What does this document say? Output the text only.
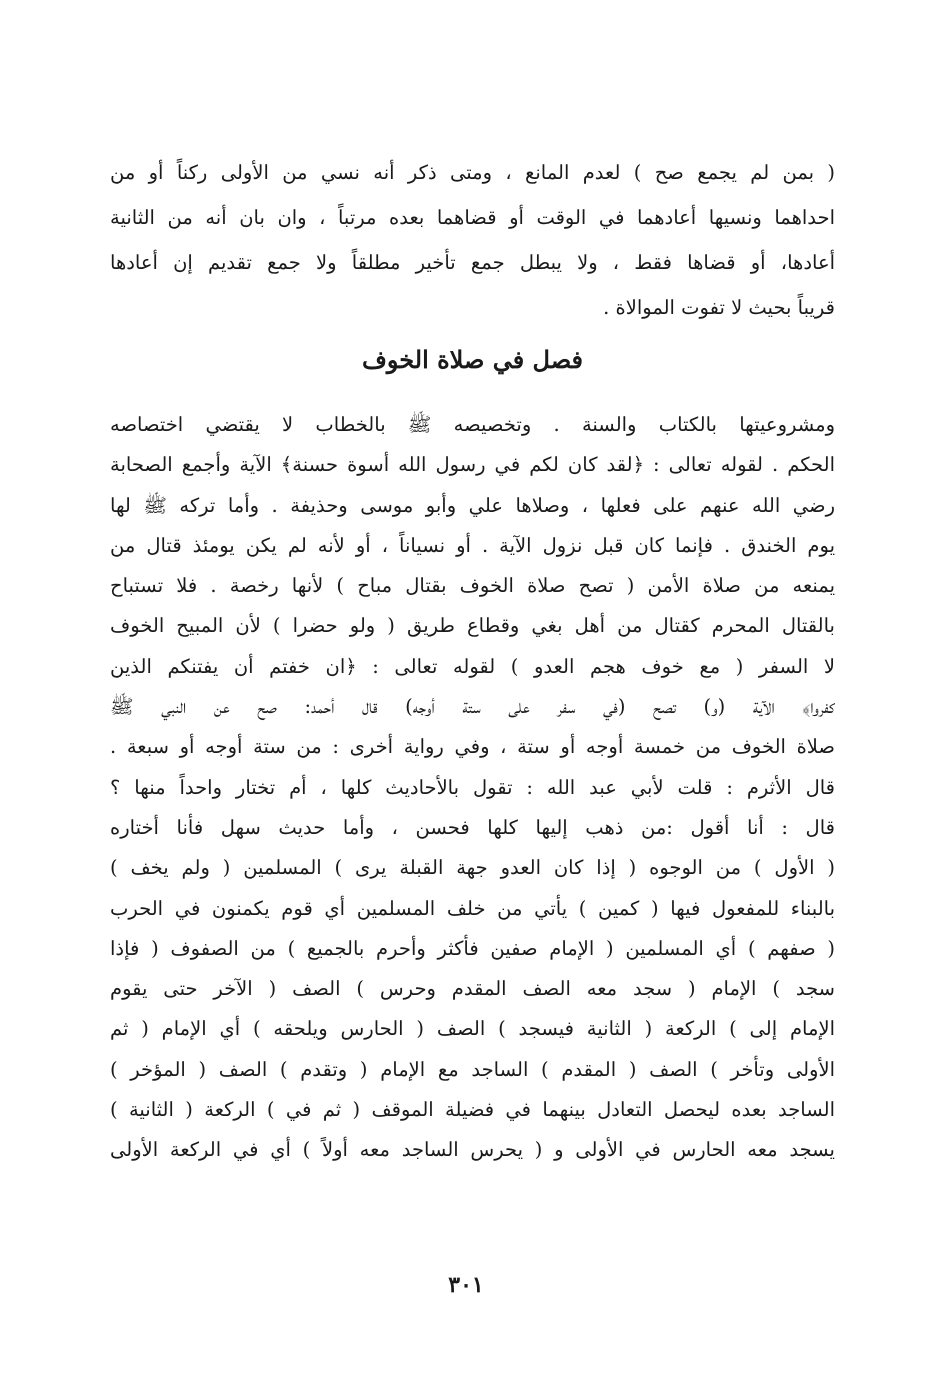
( بمن لم يجمع صح ) لعدم المانع ، ومتى ذكر أنه نسي من الأولى ركناً أو من
احداهما ونسيها أعادهما في الوقت أو قضاهما بعده مرتباً ، وان بان أنه من الثانية
أعادها، أو قضاها فقط ، ولا يبطل جمع تأخير مطلقاً ولا جمع تقديم إن أعادها
قريباً بحيث لا تفوت الموالاة .
فصل في صلاة الخوف
ومشروعيتها بالكتاب والسنة . وتخصيصه ﷺ بالخطاب لا يقتضي اختصاصه
الحكم . لقوله تعالى : ﴿لقد كان لكم في رسول الله أسوة حسنة﴾ الآية وأجمع الصحابة
رضي الله عنهم على فعلها ، وصلاها علي وأبو موسى وحذيفة . وأما تركه ﷺ لها
يوم الخندق . فإنما كان قبل نزول الآية . أو نسياناً ، أو لأنه لم يكن يومئذ قتال من
يمنعه من صلاة الأمن ( تصح صلاة الخوف بقتال مباح ) لأنها رخصة . فلا تستباح
بالقتال المحرم كقتال من أهل بغي وقطاع طريق ( ولو حضرا ) لأن المبيح الخوف
لا السفر ( مع خوف هجم العدو ) لقوله تعالى : ﴿ان خفتم أن يفتنكم الذين
كفروا﴾ الآية (و) تصح (في سفر على ستة أوجه) قال أحمد: صح عن النبي ﷺ
صلاة الخوف من خمسة أوجه أو ستة ، وفي رواية أخرى : من ستة أوجه أو سبعة .
قال الأثرم : قلت لأبي عبد الله : تقول بالأحاديث كلها ، أم تختار واحداً منها ؟
قال : أنا أقول :من ذهب إليها كلها فحسن ، وأما حديث سهل فأنا أختاره
( الأول ) من الوجوه ( إذا كان العدو جهة القبلة يرى ) المسلمين ( ولم يخف )
بالبناء للمفعول فيها ( كمين ) يأتي من خلف المسلمين أي قوم يكمنون في الحرب
( صفهم ) أي المسلمين ( الإمام صفين فأكثر وأحرم بالجميع ) من الصفوف ( فإذا
سجد ) الإمام ( سجد معه الصف المقدم وحرس ) الصف ( الآخر حتى يقوم
الإمام إلى ) الركعة ( الثانية فيسجد ) الصف ( الحارس ويلحقه ) أي الإمام ( ثم
الأولى وتأخر ) الصف ( المقدم ) الساجد مع الإمام ( وتقدم ) الصف ( المؤخر )
الساجد بعده ليحصل التعادل بينهما في فضيلة الموقف ( ثم في ) الركعة ( الثانية )
يسجد معه الحارس في الأولى و ( يحرس الساجد معه أولاً ) أي في الركعة الأولى
٣٠١
